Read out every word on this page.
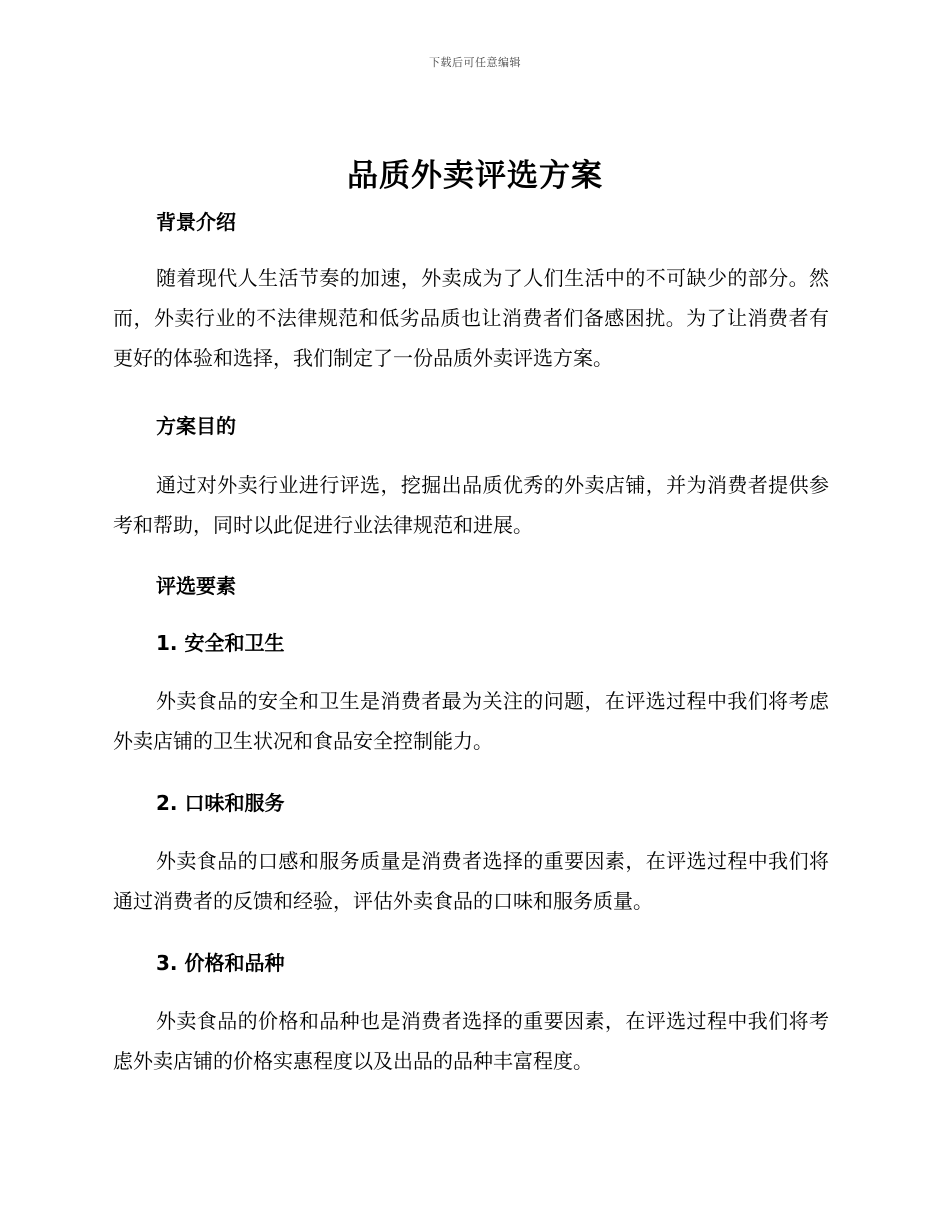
下载后可任意编辑
品质外卖评选方案
背景介绍
随着现代人生活节奏的加速，外卖成为了人们生活中的不可缺少的部分。然而，外卖行业的不法律规范和低劣品质也让消费者们备感困扰。为了让消费者有更好的体验和选择，我们制定了一份品质外卖评选方案。
方案目的
通过对外卖行业进行评选，挖掘出品质优秀的外卖店铺，并为消费者提供参考和帮助，同时以此促进行业法律规范和进展。
评选要素
1. 安全和卫生
外卖食品的安全和卫生是消费者最为关注的问题，在评选过程中我们将考虑外卖店铺的卫生状况和食品安全控制能力。
2. 口味和服务
外卖食品的口感和服务质量是消费者选择的重要因素，在评选过程中我们将通过消费者的反馈和经验，评估外卖食品的口味和服务质量。
3. 价格和品种
外卖食品的价格和品种也是消费者选择的重要因素，在评选过程中我们将考虑外卖店铺的价格实惠程度以及出品的品种丰富程度。
